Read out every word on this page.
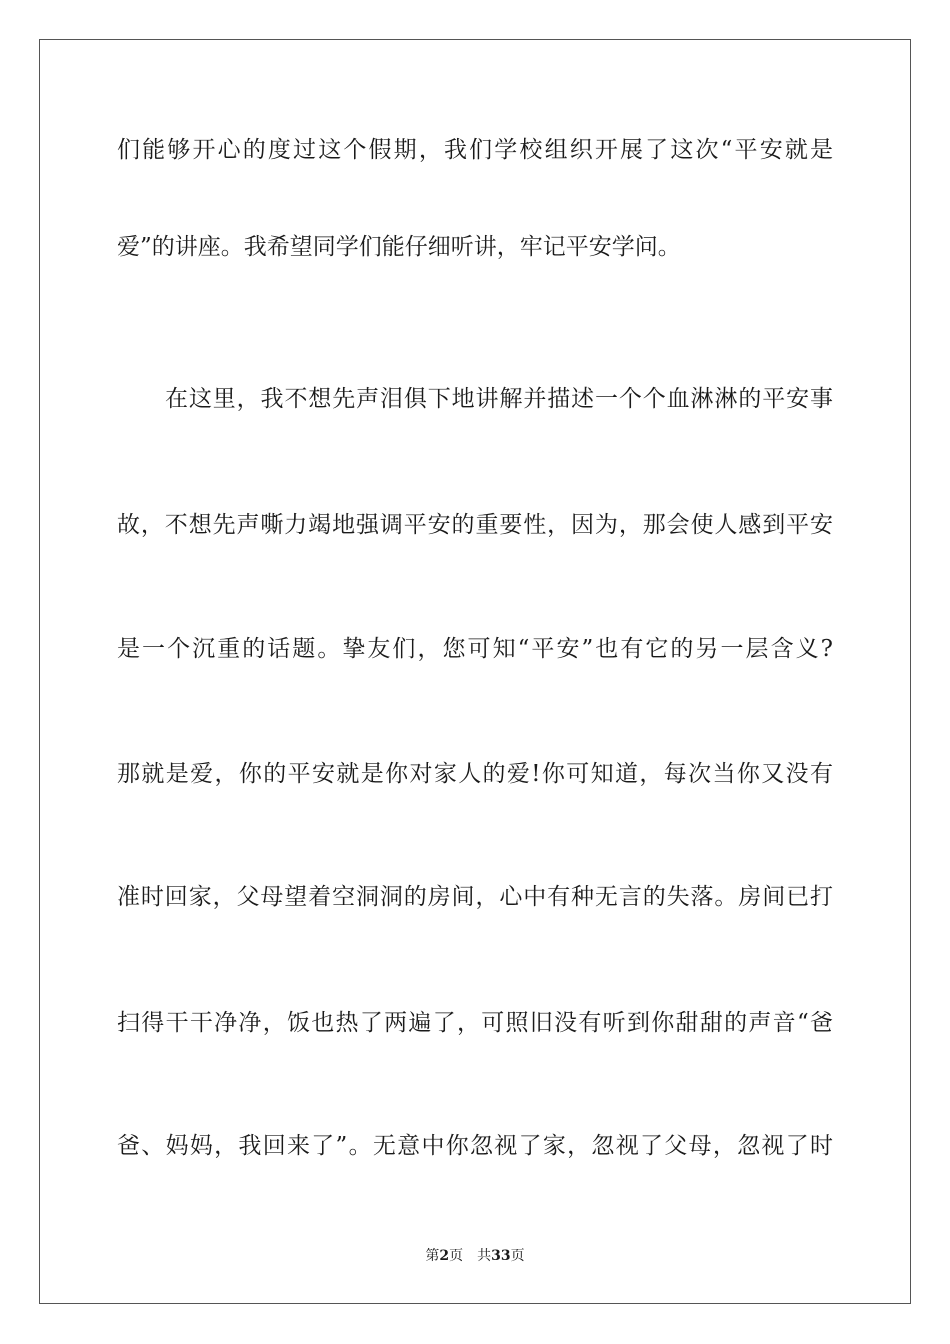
们能够开心的度过这个假期，我们学校组织开展了这次“平安就是
爱”的讲座。我希望同学们能仔细听讲，牢记平安学问。
在这里，我不想先声泪俱下地讲解并描述一个个血淋淋的平安事
故，不想先声嘶力竭地强调平安的重要性，因为，那会使人感到平安
是一个沉重的话题。挚友们，您可知“平安”也有它的另一层含义?
那就是爱，你的平安就是你对家人的爱!你可知道，每次当你又没有
准时回家，父母望着空洞洞的房间，心中有种无言的失落。房间已打
扫得干干净净，饭也热了两遍了，可照旧没有听到你甜甜的声音“爸
爸、妈妈，我回来了”。无意中你忽视了家，忽视了父母，忽视了时
第2页 共33页
